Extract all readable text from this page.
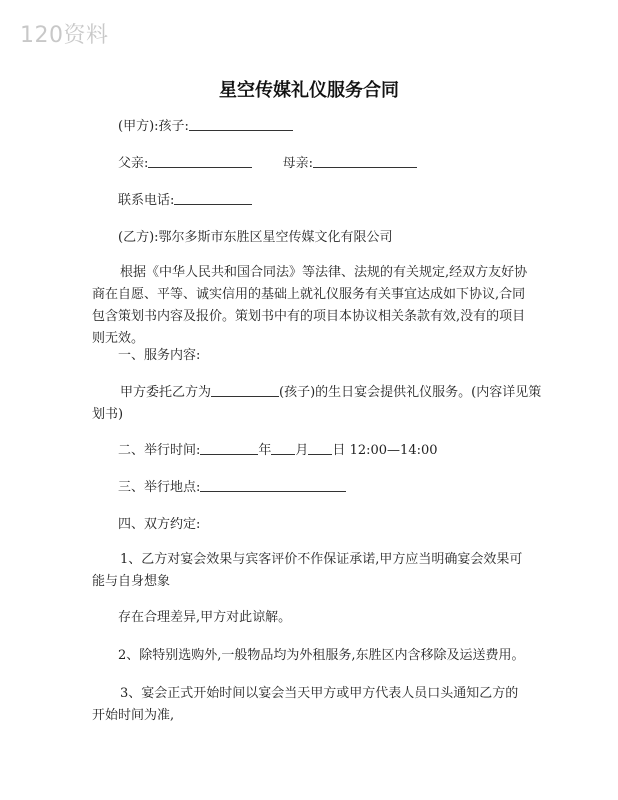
120资料
星空传媒礼仪服务合同
(甲方):孩子:
父亲:	母亲:
联系电话:
(乙方):鄂尔多斯市东胜区星空传媒文化有限公司
根据《中华人民共和国合同法》等法律、法规的有关规定,经双方友好协商在自愿、平等、诚实信用的基础上就礼仪服务有关事宜达成如下协议,合同包含策划书内容及报价。策划书中有的项目本协议相关条款有效,没有的项目则无效。
一、服务内容:
甲方委托乙方为	(孩子)的生日宴会提供礼仪服务。(内容详见策
划书)
二、举行时间:	年 月 日 12:00—14:00
三、举行地点:
四、双方约定:
1、乙方对宴会效果与宾客评价不作保证承诺,甲方应当明确宴会效果可能与自身想象
存在合理差异,甲方对此谅解。
2、除特别选购外,一般物品均为外租服务,东胜区内含移除及运送费用。
3、宴会正式开始时间以宴会当天甲方或甲方代表人员口头通知乙方的开始时间为准,
